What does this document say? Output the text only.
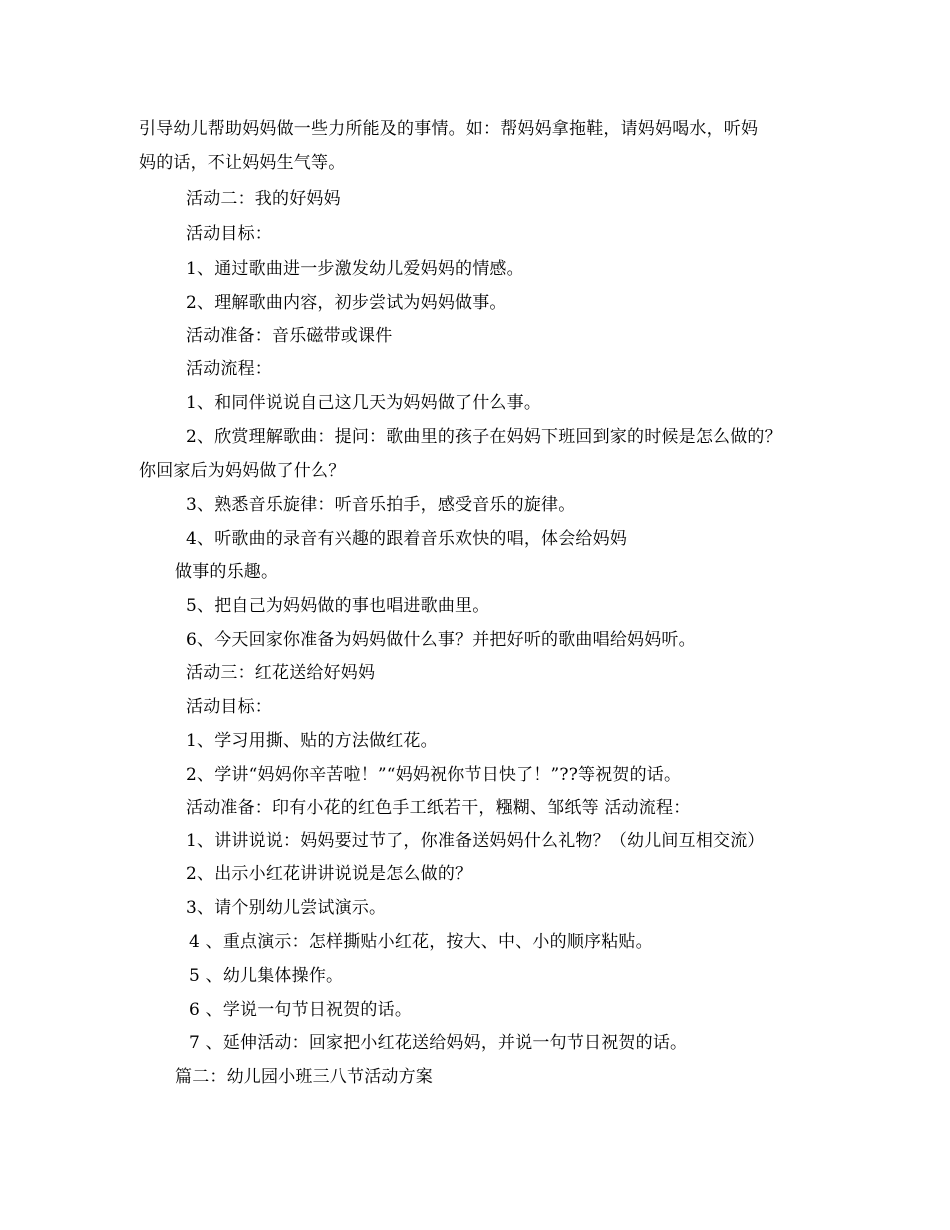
引导幼儿帮助妈妈做一些力所能及的事情。如：帮妈妈拿拖鞋，请妈妈喝水，听妈
妈的话，不让妈妈生气等。
活动二：我的好妈妈
活动目标：
1、通过歌曲进一步激发幼儿爱妈妈的情感。
2、理解歌曲内容，初步尝试为妈妈做事。
活动准备：音乐磁带或课件
活动流程：
1、和同伴说说自己这几天为妈妈做了什么事。
2、欣赏理解歌曲：提问：歌曲里的孩子在妈妈下班回到家的时候是怎么做的？
你回家后为妈妈做了什么？
3、熟悉音乐旋律：听音乐拍手，感受音乐的旋律。
4、听歌曲的录音有兴趣的跟着音乐欢快的唱，体会给妈妈
做事的乐趣。
5、把自己为妈妈做的事也唱进歌曲里。
6、今天回家你准备为妈妈做什么事？并把好听的歌曲唱给妈妈听。
活动三：红花送给好妈妈
活动目标：
1、学习用撕、贴的方法做红花。
2、学讲“妈妈你辛苦啦！”“妈妈祝你节日快了！”??等祝贺的话。
活动准备：印有小花的红色手工纸若干，糨糊、邹纸等 活动流程：
1、讲讲说说：妈妈要过节了，你准备送妈妈什么礼物？（幼儿间互相交流）
2、出示小红花讲讲说说是怎么做的？
3、请个别幼儿尝试演示。
4 、重点演示：怎样撕贴小红花，按大、中、小的顺序粘贴。
5 、幼儿集体操作。
6 、学说一句节日祝贺的话。
7 、延伸活动：回家把小红花送给妈妈，并说一句节日祝贺的话。
篇二：幼儿园小班三八节活动方案
